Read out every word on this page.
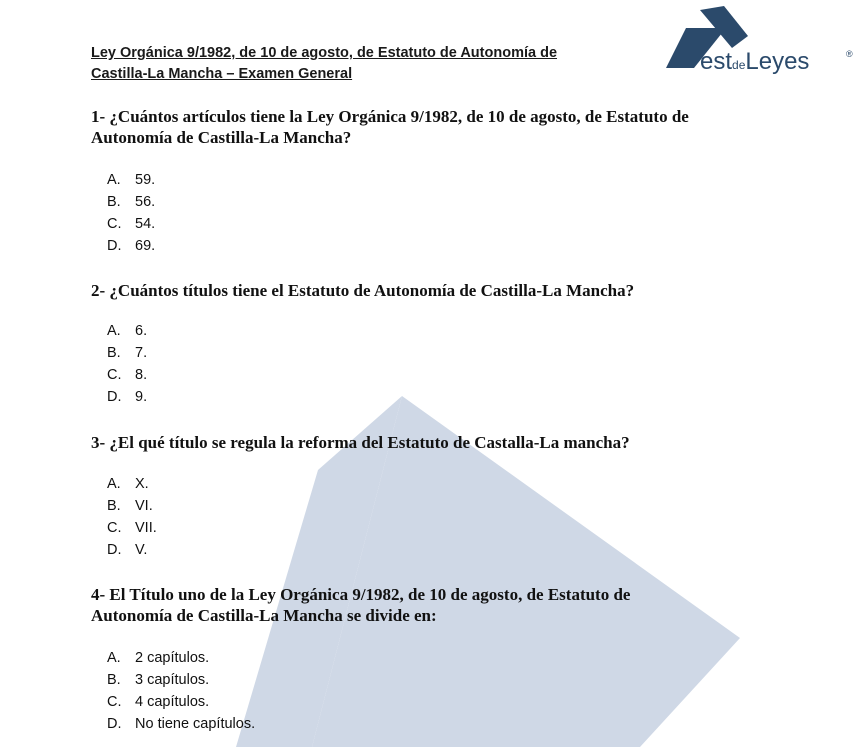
Ley Orgánica 9/1982, de 10 de agosto, de Estatuto de Autonomía de
Castilla-La Mancha – Examen General	estdeLeyes	®

1- ¿Cuántos artículos tiene la Ley Orgánica 9/1982, de 10 de agosto, de Estatuto de
Autonomía de Castilla-La Mancha?

A. 59.
B. 56.
C. 54.
D. 69.

2- ¿Cuántos títulos tiene el Estatuto de Autonomía de Castilla-La Mancha?

A. 6.
B. 7.
C. 8.
D. 9.

3- ¿El qué título se regula la reforma del Estatuto de Castalla-La mancha?

A. X.
B. VI.
C. VII.
D. V.

4- El Título uno de la Ley Orgánica 9/1982, de 10 de agosto, de Estatuto de
Autonomía de Castilla-La Mancha se divide en:

A. 2 capítulos.
B. 3 capítulos.
C. 4 capítulos.
D. No tiene capítulos.
